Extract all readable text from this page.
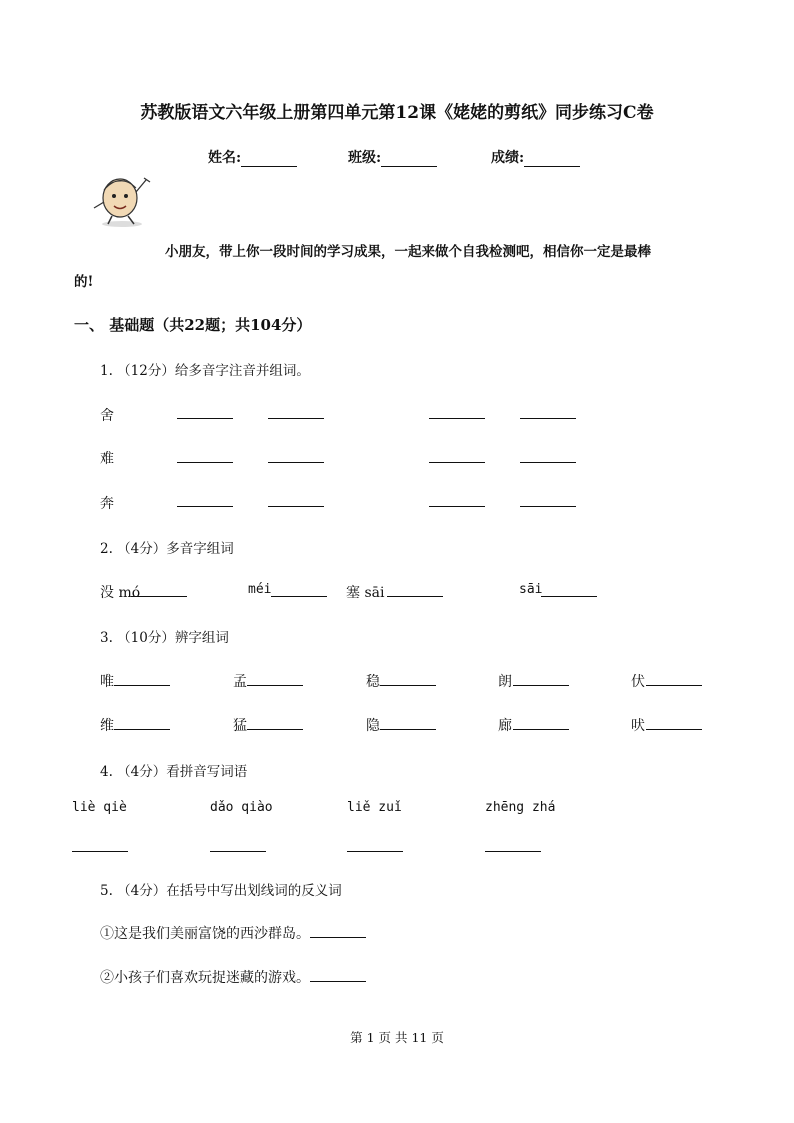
苏教版语文六年级上册第四单元第12课《姥姥的剪纸》同步练习C卷
姓名:	班级:	成绩:
小朋友，带上你一段时间的学习成果，一起来做个自我检测吧，相信你一定是最棒
的!
一、 基础题（共22题；共104分）
1. （12分）给多音字注音并组词。
舍
难
奔
2. （4分）多音字组词
没 mó	méi	塞 sāi	sāi
3. （10分）辨字组词
唯	孟	稳	朗	伏
维	猛	隐	廊	吠
4. （4分）看拼音写词语
liè qiè	dǎo qiào	liě zuǐ	zhēng zhá
5. （4分）在括号中写出划线词的反义词
①这是我们美丽富饶的西沙群岛。
②小孩子们喜欢玩捉迷藏的游戏。
第 1 页 共 11 页
